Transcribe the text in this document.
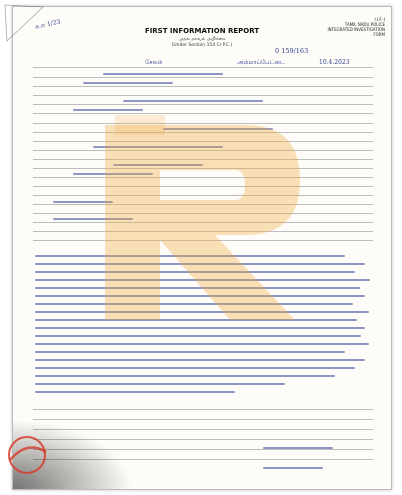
FIRST INFORMATION REPORT
முதல் தகவல் அறிக்கை
(Under Section 154 Cr.P.C.)
I.I.F.-I
TAMIL NADU POLICE
INTEGRATED INVESTIGATION FORM
க.எ 1/23
0 159/163
சேலம்	10.4.2023
அம்மாப்பேட்டை
